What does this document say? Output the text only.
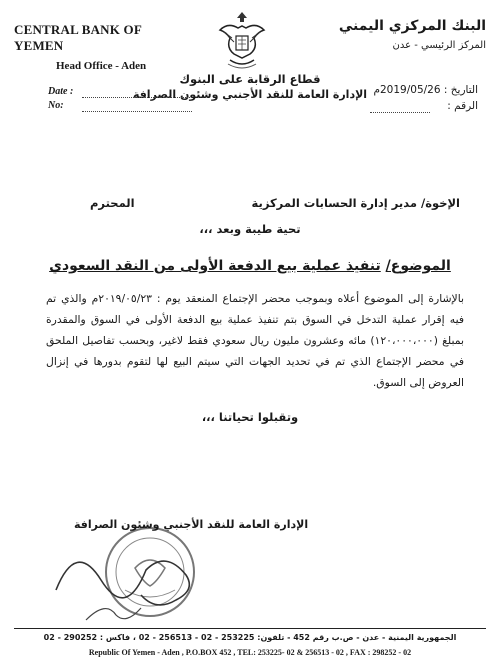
CENTRAL BANK OF YEMEN
Head Office - Aden
البنك المركزي اليمني
المركز الرئيسي - عدن
قطاع الرقابة على البنوك
الإدارة العامة للنقد الأجنبي وشئون الصرافة
Date :
No:
التاريخ : 2019/05/26م
الرقم :
الإخوة/ مدير إدارة الحسابات المركزية
المحترم
تحية طيبة وبعد ،،،
الموضوع/ تنفيذ عملية بيع الدفعة الأولى من النقد السعودي
بالإشارة إلى الموضوع أعلاه وبموجب محضر الإجتماع المنعقد يوم : ٢٠١٩/٠٥/٢٣م والذي تم فيه إقرار عملية التدخل في السوق بتم تنفيذ عملية بيع الدفعة الأولى في السوق والمقدرة بمبلغ (١٢٠،٠٠٠،٠٠٠) مائه وعشرون مليون ريال سعودي فقط لاغير، وبحسب تفاصيل الملحق في محضر الإجتماع الذي تم في تحديد الجهات التي سيتم البيع لها لتقوم بدورها في إنزال العروض إلى السوق.
وتقبلوا تحياتنا ،،،
الإدارة العامة للنقد الأجنبي وشئون الصرافة
الجمهورية اليمنية - عدن - ص.ب رقم 452 - تلفون: 253225 - 02 - 256513 - 02 ، فاكس : 290252 - 02
Republic Of Yemen - Aden , P.O.BOX 452 , TEL: 253225- 02 & 256513 - 02 , FAX : 298252 - 02
